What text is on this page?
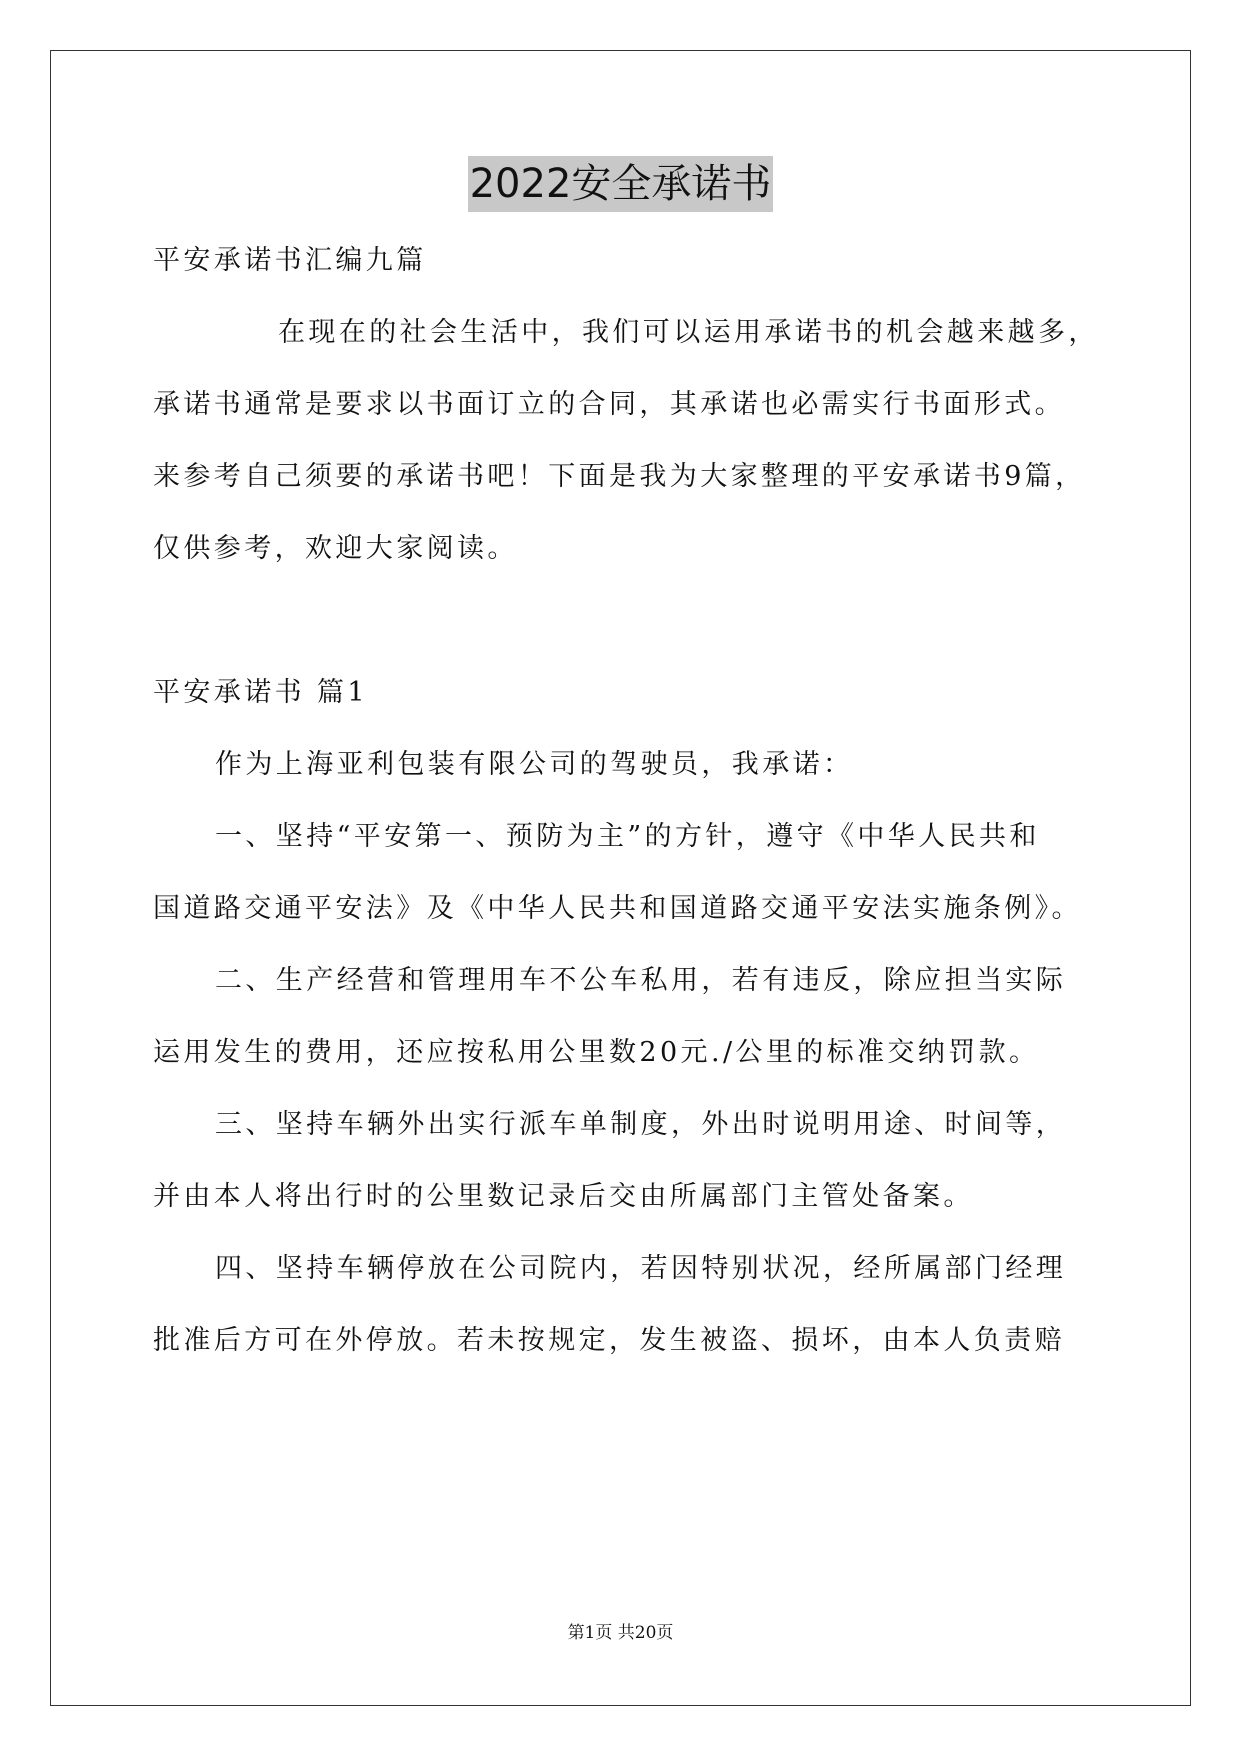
2022安全承诺书
平安承诺书汇编九篇
在现在的社会生活中，我们可以运用承诺书的机会越来越多，
承诺书通常是要求以书面订立的合同，其承诺也必需实行书面形式。
来参考自己须要的承诺书吧！下面是我为大家整理的平安承诺书9篇，
仅供参考，欢迎大家阅读。
平安承诺书 篇1
作为上海亚利包装有限公司的驾驶员，我承诺：
一、坚持“平安第一、预防为主”的方针，遵守《中华人民共和
国道路交通平安法》及《中华人民共和国道路交通平安法实施条例》。
二、生产经营和管理用车不公车私用，若有违反，除应担当实际
运用发生的费用，还应按私用公里数20元./公里的标准交纳罚款。
三、坚持车辆外出实行派车单制度，外出时说明用途、时间等，
并由本人将出行时的公里数记录后交由所属部门主管处备案。
四、坚持车辆停放在公司院内，若因特别状况，经所属部门经理
批准后方可在外停放。若未按规定，发生被盗、损坏，由本人负责赔
第1页 共20页
